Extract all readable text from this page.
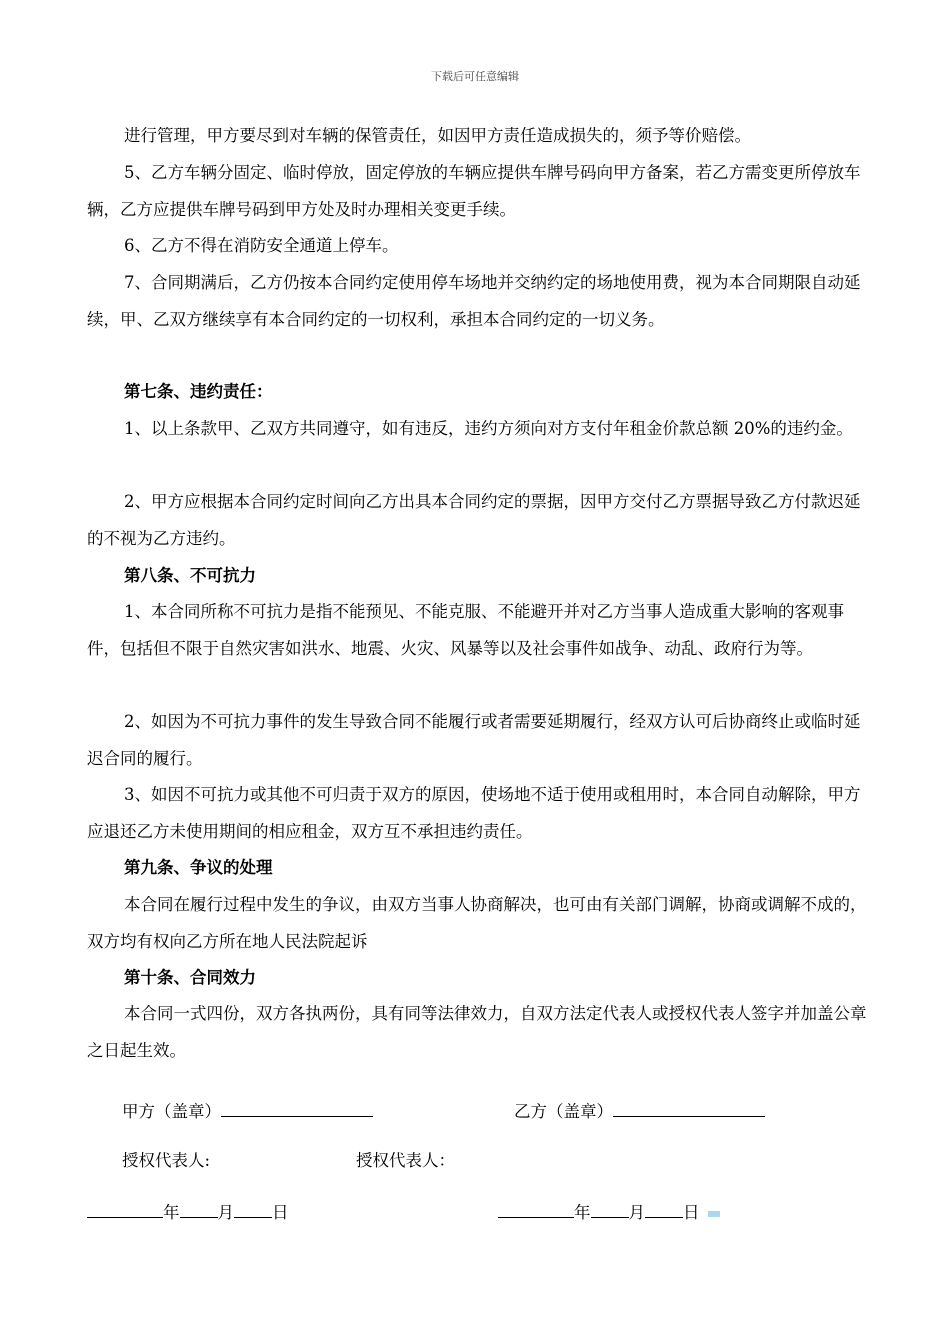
下载后可任意编辑

进行管理，甲方要尽到对车辆的保管责任，如因甲方责任造成损失的，须予等价赔偿。

5、乙方车辆分固定、临时停放，固定停放的车辆应提供车牌号码向甲方备案，若乙方需变更所停放车辆，乙方应提供车牌号码到甲方处及时办理相关变更手续。

6、乙方不得在消防安全通道上停车。

7、合同期满后，乙方仍按本合同约定使用停车场地并交纳约定的场地使用费，视为本合同期限自动延续，甲、乙双方继续享有本合同约定的一切权利，承担本合同约定的一切义务。

第七条、违约责任：

1、以上条款甲、乙双方共同遵守，如有违反，违约方须向对方支付年租金价款总额 20%的违约金。

2、甲方应根据本合同约定时间向乙方出具本合同约定的票据，因甲方交付乙方票据导致乙方付款迟延的不视为乙方违约。

第八条、不可抗力

1、本合同所称不可抗力是指不能预见、不能克服、不能避开并对乙方当事人造成重大影响的客观事件，包括但不限于自然灾害如洪水、地震、火灾、风暴等以及社会事件如战争、动乱、政府行为等。

2、如因为不可抗力事件的发生导致合同不能履行或者需要延期履行，经双方认可后协商终止或临时延迟合同的履行。

3、如因不可抗力或其他不可归责于双方的原因，使场地不适于使用或租用时，本合同自动解除，甲方应退还乙方未使用期间的相应租金，双方互不承担违约责任。

第九条、争议的处理

本合同在履行过程中发生的争议，由双方当事人协商解决，也可由有关部门调解，协商或调解不成的，双方均有权向乙方所在地人民法院起诉

第十条、合同效力

本合同一式四份，双方各执两份，具有同等法律效力，自双方法定代表人或授权代表人签字并加盖公章之日起生效。

甲方（盖章）	乙方（盖章）
授权代表人:	授权代表人：
年 月 日	年 月 日
